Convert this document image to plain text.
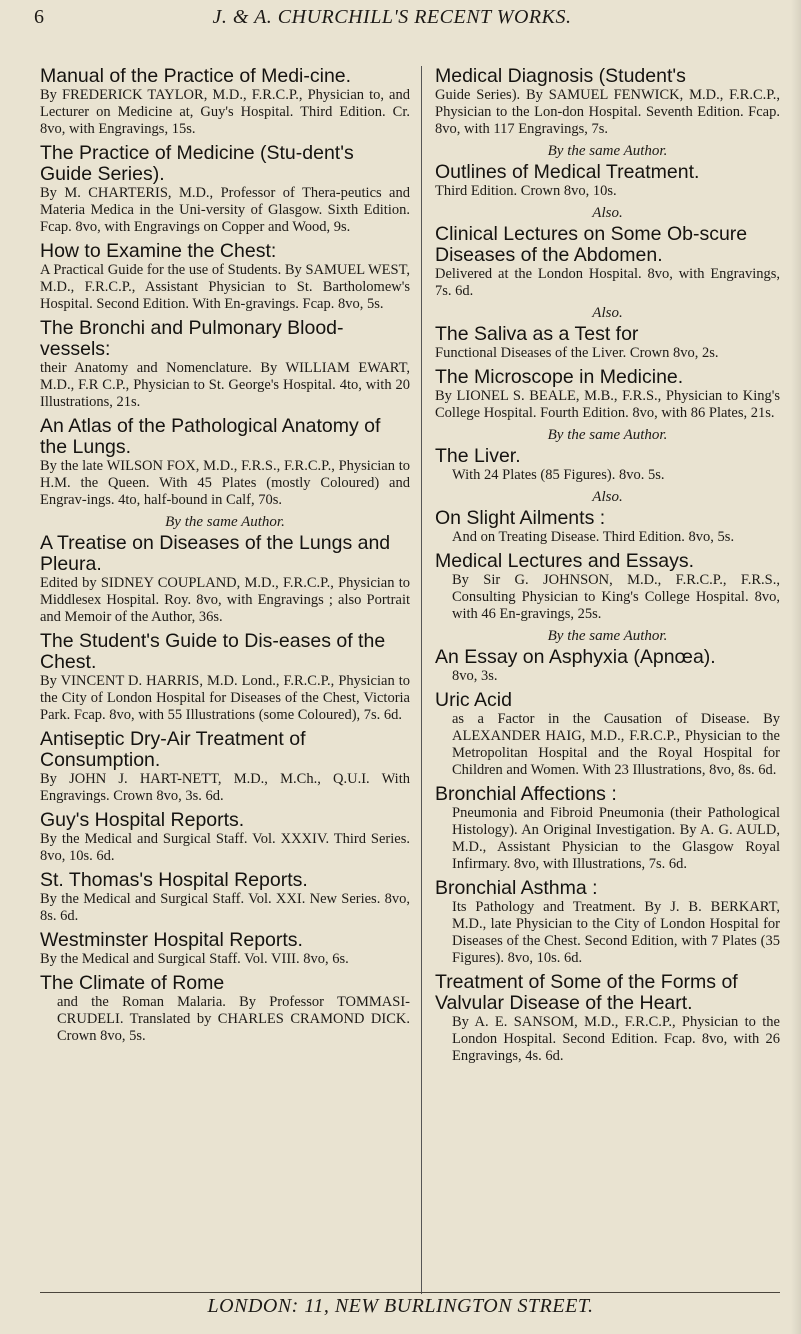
6	J. & A. CHURCHILL'S RECENT WORKS.
Manual of the Practice of Medi-cine.
By FREDERICK TAYLOR, M.D., F.R.C.P., Physician to, and Lecturer on Medicine at, Guy's Hospital. Third Edition. Cr. 8vo, with Engravings, 15s.
The Practice of Medicine (Stu-dent's Guide Series).
By M. CHARTERIS, M.D., Professor of Thera-peutics and Materia Medica in the Uni-versity of Glasgow. Sixth Edition. Fcap. 8vo, with Engravings on Copper and Wood, 9s.
How to Examine the Chest:
A Practical Guide for the use of Students. By SAMUEL WEST, M.D., F.R.C.P., Assistant Physician to St. Bartholomew's Hospital. Second Edition. With En-gravings. Fcap. 8vo, 5s.
The Bronchi and Pulmonary Blood-vessels:
their Anatomy and Nomenclature. By WILLIAM EWART, M.D., F.R C.P., Physician to St. George's Hospital. 4to, with 20 Illustrations, 21s.
An Atlas of the Pathological Anatomy of the Lungs.
By the late WILSON FOX, M.D., F.R.S., F.R.C.P., Physician to H.M. the Queen. With 45 Plates (mostly Coloured) and Engrav-ings. 4to, half-bound in Calf, 70s.
By the same Author.
A Treatise on Diseases of the Lungs and Pleura.
Edited by SIDNEY COUPLAND, M.D., F.R.C.P., Physician to Middlesex Hospital. Roy. 8vo, with Engravings ; also Portrait and Memoir of the Author, 36s.
The Student's Guide to Dis-eases of the Chest.
By VINCENT D. HARRIS, M.D. Lond., F.R.C.P., Physician to the City of London Hospital for Diseases of the Chest, Victoria Park. Fcap. 8vo, with 55 Illustrations (some Coloured), 7s. 6d.
Antiseptic Dry-Air Treatment of Consumption.
By JOHN J. HART-NETT, M.D., M.Ch., Q.U.I. With Engravings. Crown 8vo, 3s. 6d.
Guy's Hospital Reports.
By the Medical and Surgical Staff. Vol. XXXIV. Third Series. 8vo, 10s. 6d.
St. Thomas's Hospital Reports.
By the Medical and Surgical Staff. Vol. XXI. New Series. 8vo, 8s. 6d.
Westminster Hospital Reports.
By the Medical and Surgical Staff. Vol. VIII. 8vo, 6s.
The Climate of Rome
and the Roman Malaria. By Professor TOMMASI-CRUDELI. Translated by CHARLES CRAMOND DICK. Crown 8vo, 5s.
Medical Diagnosis (Student's
Guide Series). By SAMUEL FENWICK, M.D., F.R.C.P., Physician to the Lon-don Hospital. Seventh Edition. Fcap. 8vo, with 117 Engravings, 7s.
By the same Author.
Outlines of Medical Treatment.
Third Edition. Crown 8vo, 10s.
Also.
Clinical Lectures on Some Ob-scure Diseases of the Abdomen.
Delivered at the London Hospital. 8vo, with Engravings, 7s. 6d.
Also.
The Saliva as a Test for
Functional Diseases of the Liver. Crown 8vo, 2s.
The Microscope in Medicine.
By LIONEL S. BEALE, M.B., F.R.S., Physician to King's College Hospital. Fourth Edition. 8vo, with 86 Plates, 21s.
By the same Author.
The Liver.
With 24 Plates (85 Figures). 8vo. 5s.
Also.
On Slight Ailments :
And on Treating Disease. Third Edition. 8vo, 5s.
Medical Lectures and Essays.
By Sir G. JOHNSON, M.D., F.R.C.P., F.R.S., Consulting Physician to King's College Hospital. 8vo, with 46 En-gravings, 25s.
By the same Author.
An Essay on Asphyxia (Apnœa).
8vo, 3s.
Uric Acid
as a Factor in the Causation of Disease. By ALEXANDER HAIG, M.D., F.R.C.P., Physician to the Metropolitan Hospital and the Royal Hospital for Children and Women. With 23 Illustrations, 8vo, 8s. 6d.
Bronchial Affections :
Pneumonia and Fibroid Pneumonia (their Pathological Histology). An Original Investigation. By A. G. AULD, M.D., Assistant Physician to the Glasgow Royal Infirmary. 8vo, with Illustrations, 7s. 6d.
Bronchial Asthma :
Its Pathology and Treatment. By J. B. BERKART, M.D., late Physician to the City of London Hospital for Diseases of the Chest. Second Edition, with 7 Plates (35 Figures). 8vo, 10s. 6d.
Treatment of Some of the Forms of Valvular Disease of the Heart.
By A. E. SANSOM, M.D., F.R.C.P., Physician to the London Hospital. Second Edition. Fcap. 8vo, with 26 Engravings, 4s. 6d.
LONDON: 11, NEW BURLINGTON STREET.
